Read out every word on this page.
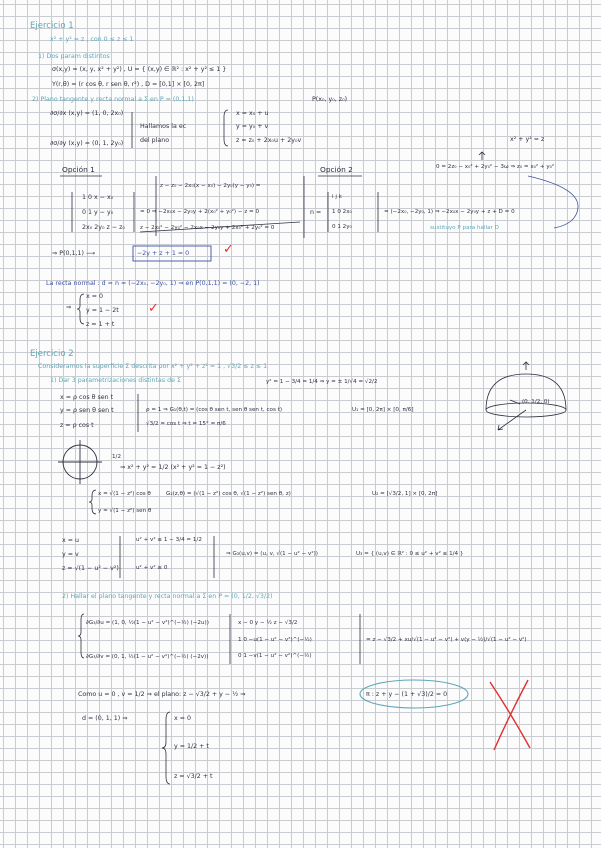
Ejercicio 1
x² + y² = z , con 0 ≤ z ≤ 1
1) Dos param distintos
σ(x,y) = (x, y, x² + y²) , U = { (x,y) ∈ ℝ² : x² + y² ≤ 1 }
Y(r,θ) = (r cos θ, r sen θ, r²) , D = [0,1] × [0, 2π]
2) Plano tangente y recta normal a Σ en P = (0,1,1)	P(x₀, y₀, z₀)
∂σ/∂x (x,y) = (1, 0, 2x₀)
∂σ/∂y (x,y) = (0, 1, 2y₀)
Hallamos la ec
del plano
x = x₀ + u
y = y₀ + v
z = z₀ + 2x₀u + 2y₀v	x² + y² = z
0 = 2z₀ − x₀² + 2y₀² − 3ω ⇒ z₀ = x₀² + y₀²
Opción 1	Opción 2
z − z₀ − 2x₀(x − x₀) − 2y₀(y − y₀) =
1 0 x − x₀
0 1 y − y₀
2x₀ 2y₀ z − z₀
= 0 ⇒ −2x₀x − 2y₀y + 2(x₀² + y₀²) − z = 0
z − 2x₀² − 2y₀² − 2x₀x − 2y₀y + 2x₀² + 2y₀² = 0
n =
i j k
1 0 2x₀
0 1 2y₀
= (−2x₀, −2y₀, 1) ⇒ −2x₀x − 2y₀y + z + D = 0
sustituyo P para hallar D
⇒ P(0,1,1) ⟶	−2y + z + 1 = 0	✓
La recta normal : d = n = (−2x₀, −2y₀, 1) ⇒ en P(0,1,1) = (0, −2, 1)
⇒
x = 0
y = 1 − 2t
z = 1 + t
✓
Ejercicio 2
Consideramos la superficie Σ descrita por x² + y² + z² = 1 , √3/2 ≤ z ≤ 1
1) Dar 3 parametrizaciones distintas de Σ	y² = 1 − 3/4 = 1/4 ⇒ y = ± 1/√4 = √2/2
x = ρ cos θ sen t
y = ρ sen θ sen t
z = ρ cos t
ρ = 1 ⇒ G₁(θ,t) = (cos θ sen t, sen θ sen t, cos t)
√3/2 = cos t ⇒ t = 15° = π/6
U₁ = [0, 2π] × [0, π/6]
(0, 1/2, 0)
1/2
⇒ x² + y² = 1/2 (x² + y² = 1 − z²)
x = √(1 − z²) cos θ
y = √(1 − z²) sen θ
G₂(z,θ) = (√(1 − z²) cos θ, √(1 − z²) sen θ, z)	U₂ = [√3/2, 1] × [0, 2π]
x = u
y = v
z = √(1 − u² − v²)
u² + v² ≤ 1 − 3/4 = 1/2
u² + v² ≥ 0
⇒ G₃(u,v) = (u, v, √(1 − u² − v²))	U₃ = { (u,v) ∈ ℝ² : 0 ≤ u² + v² ≤ 1/4 }
2) Hallar el plano tangente y recta normal a Σ en P = (0, 1/2, √3/2)
∂G₃/∂u = (1, 0, ½(1 − u² − v²)^(−½) (−2u))
∂G₃/∂v = (0, 1, ½(1 − u² − v²)^(−½) (−2v))
x − 0 y − ½ z − √3/2
1 0 −u(1 − u² − v²)^(−½)
0 1 −v(1 − u² − v²)^(−½)
= z − √3/2 + xu/√(1 − u² − v²) + v(y − ½)/√(1 − u² − v²)
Como u = 0 , v = 1/2 ⇒ el plano: z − √3/2 + y − ½ ⇒	π : z + y − (1 + √3)/2 = 0
d = (0, 1, 1) ⇒	x = 0
y = 1/2 + t
z = √3/2 + t
